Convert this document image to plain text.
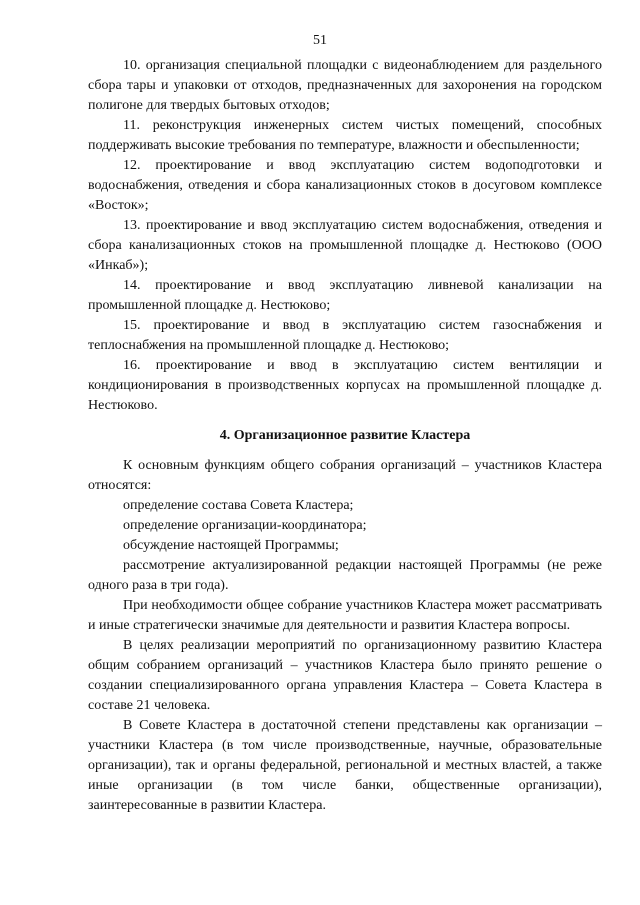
51

10. организация специальной площадки с видеонаблюдением для раздельного сбора тары и упаковки от отходов, предназначенных для захоронения на городском полигоне для твердых бытовых отходов;

11. реконструкция инженерных систем чистых помещений, способных поддерживать высокие требования по температуре, влажности и обеспыленности;

12. проектирование и ввод эксплуатацию систем водоподготовки и водоснабжения, отведения и сбора канализационных стоков в досуговом комплексе «Восток»;

13. проектирование и ввод эксплуатацию систем водоснабжения, отведения и сбора канализационных стоков на промышленной площадке д. Нестюково (ООО «Инкаб»);

14. проектирование и ввод эксплуатацию ливневой канализации на промышленной площадке д. Нестюково;

15. проектирование и ввод в эксплуатацию систем газоснабжения и теплоснабжения на промышленной площадке д. Нестюково;

16. проектирование и ввод в эксплуатацию систем вентиляции и кондиционирования в производственных корпусах на промышленной площадке д. Нестюково.

4. Организационное развитие Кластера

К основным функциям общего собрания организаций – участников Кластера относятся:

определение состава Совета Кластера;

определение организации-координатора;

обсуждение настоящей Программы;

рассмотрение актуализированной редакции настоящей Программы (не реже одного раза в три года).

При необходимости общее собрание участников Кластера может рассматривать и иные стратегически значимые для деятельности и развития Кластера вопросы.

В целях реализации мероприятий по организационному развитию Кластера общим собранием организаций – участников Кластера было принято решение о создании специализированного органа управления Кластера – Совета Кластера в составе 21 человека.

В Совете Кластера в достаточной степени представлены как организации – участники Кластера (в том числе производственные, научные, образовательные организации), так и органы федеральной, региональной и местных властей, а также иные организации (в том числе банки, общественные организации), заинтересованные в развитии Кластера.
